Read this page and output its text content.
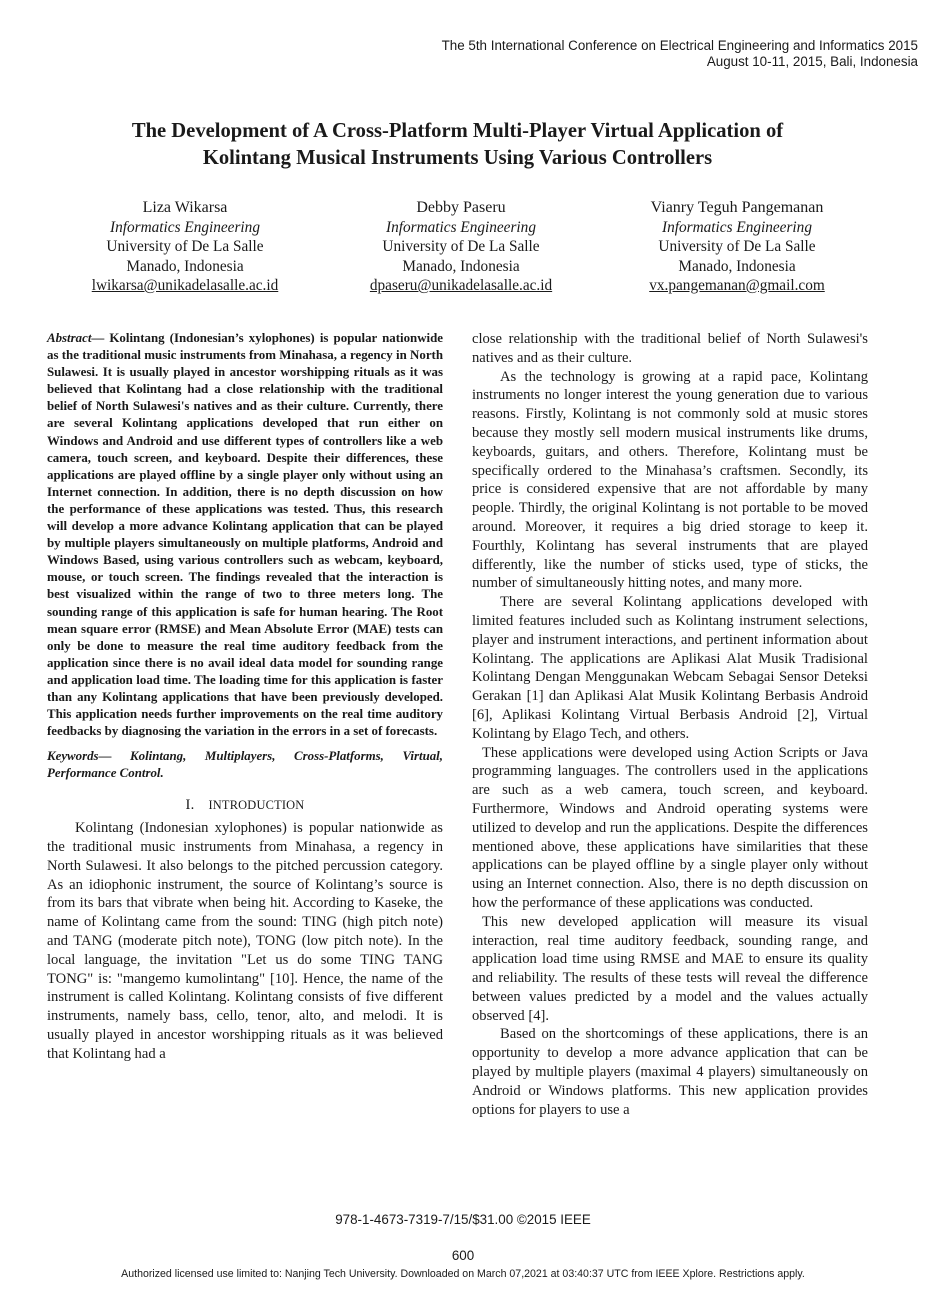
The 5th International Conference on Electrical Engineering and Informatics 2015
August 10-11, 2015, Bali, Indonesia
The Development of A Cross-Platform Multi-Player Virtual Application of
Kolintang Musical Instruments Using Various Controllers
Liza Wikarsa
Informatics Engineering
University of De La Salle
Manado, Indonesia
lwikarsa@unikadelasalle.ac.id
Debby Paseru
Informatics Engineering
University of De La Salle
Manado, Indonesia
dpaseru@unikadelasalle.ac.id
Vianry Teguh Pangemanan
Informatics Engineering
University of De La Salle
Manado, Indonesia
vx.pangemanan@gmail.com

Abstract— Kolintang (Indonesian’s xylophones) is popular nationwide as the traditional music instruments from Minahasa, a regency in North Sulawesi. It is usually played in ancestor worshipping rituals as it was believed that Kolintang had a close relationship with the traditional belief of North Sulawesi's natives and as their culture. Currently, there are several Kolintang applications developed that run either on Windows and Android and use different types of controllers like a web camera, touch screen, and keyboard. Despite their differences, these applications are played offline by a single player only without using an Internet connection. In addition, there is no depth discussion on how the performance of these applications was tested. Thus, this research will develop a more advance Kolintang application that can be played by multiple players simultaneously on multiple platforms, Android and Windows Based, using various controllers such as webcam, keyboard, mouse, or touch screen. The findings revealed that the interaction is best visualized within the range of two to three meters long. The sounding range of this application is safe for human hearing. The Root mean square error (RMSE) and Mean Absolute Error (MAE) tests can only be done to measure the real time auditory feedback from the application since there is no avail ideal data model for sounding range and application load time. The loading time for this application is faster than any Kolintang applications that have been previously developed. This application needs further improvements on the real time auditory feedbacks by diagnosing the variation in the errors in a set of forecasts.

Keywords— Kolintang, Multiplayers, Cross-Platforms, Virtual, Performance Control.

I. INTRODUCTION

Kolintang (Indonesian xylophones) is popular nationwide as the traditional music instruments from Minahasa, a regency in North Sulawesi. It also belongs to the pitched percussion category. As an idiophonic instrument, the source of Kolintang’s source is from its bars that vibrate when being hit. According to Kaseke, the name of Kolintang came from the sound: TING (high pitch note) and TANG (moderate pitch note), TONG (low pitch note). In the local language, the invitation "Let us do some TING TANG TONG" is: "mangemo kumolintang" [10]. Hence, the name of the instrument is called Kolintang. Kolintang consists of five different instruments, namely bass, cello, tenor, alto, and melodi. It is usually played in ancestor worshipping rituals as it was believed that Kolintang had a

close relationship with the traditional belief of North Sulawesi's natives and as their culture.

As the technology is growing at a rapid pace, Kolintang instruments no longer interest the young generation due to various reasons. Firstly, Kolintang is not commonly sold at music stores because they mostly sell modern musical instruments like drums, keyboards, guitars, and others. Therefore, Kolintang must be specifically ordered to the Minahasa’s craftsmen. Secondly, its price is considered expensive that are not affordable by many people. Thirdly, the original Kolintang is not portable to be moved around. Moreover, it requires a big dried storage to keep it. Fourthly, Kolintang has several instruments that are played differently, like the number of sticks used, type of sticks, the number of simultaneously hitting notes, and many more.

There are several Kolintang applications developed with limited features included such as Kolintang instrument selections, player and instrument interactions, and pertinent information about Kolintang. The applications are Aplikasi Alat Musik Tradisional Kolintang Dengan Menggunakan Webcam Sebagai Sensor Deteksi Gerakan [1] dan Aplikasi Alat Musik Kolintang Berbasis Android [6], Aplikasi Kolintang Virtual Berbasis Android [2], Virtual Kolintang by Elago Tech, and others.

These applications were developed using Action Scripts or Java programming languages. The controllers used in the applications are such as a web camera, touch screen, and keyboard. Furthermore, Windows and Android operating systems were utilized to develop and run the applications. Despite the differences mentioned above, these applications have similarities that these applications can be played offline by a single player only without using an Internet connection. Also, there is no depth discussion on how the performance of these applications was conducted.

This new developed application will measure its visual interaction, real time auditory feedback, sounding range, and application load time using RMSE and MAE to ensure its quality and reliability. The results of these tests will reveal the difference between values predicted by a model and the values actually observed [4].

Based on the shortcomings of these applications, there is an opportunity to develop a more advance application that can be played by multiple players (maximal 4 players) simultaneously on Android or Windows platforms. This new application provides options for players to use a

978-1-4673-7319-7/15/$31.00 ©2015 IEEE
600
Authorized licensed use limited to: Nanjing Tech University. Downloaded on March 07,2021 at 03:40:37 UTC from IEEE Xplore. Restrictions apply.
